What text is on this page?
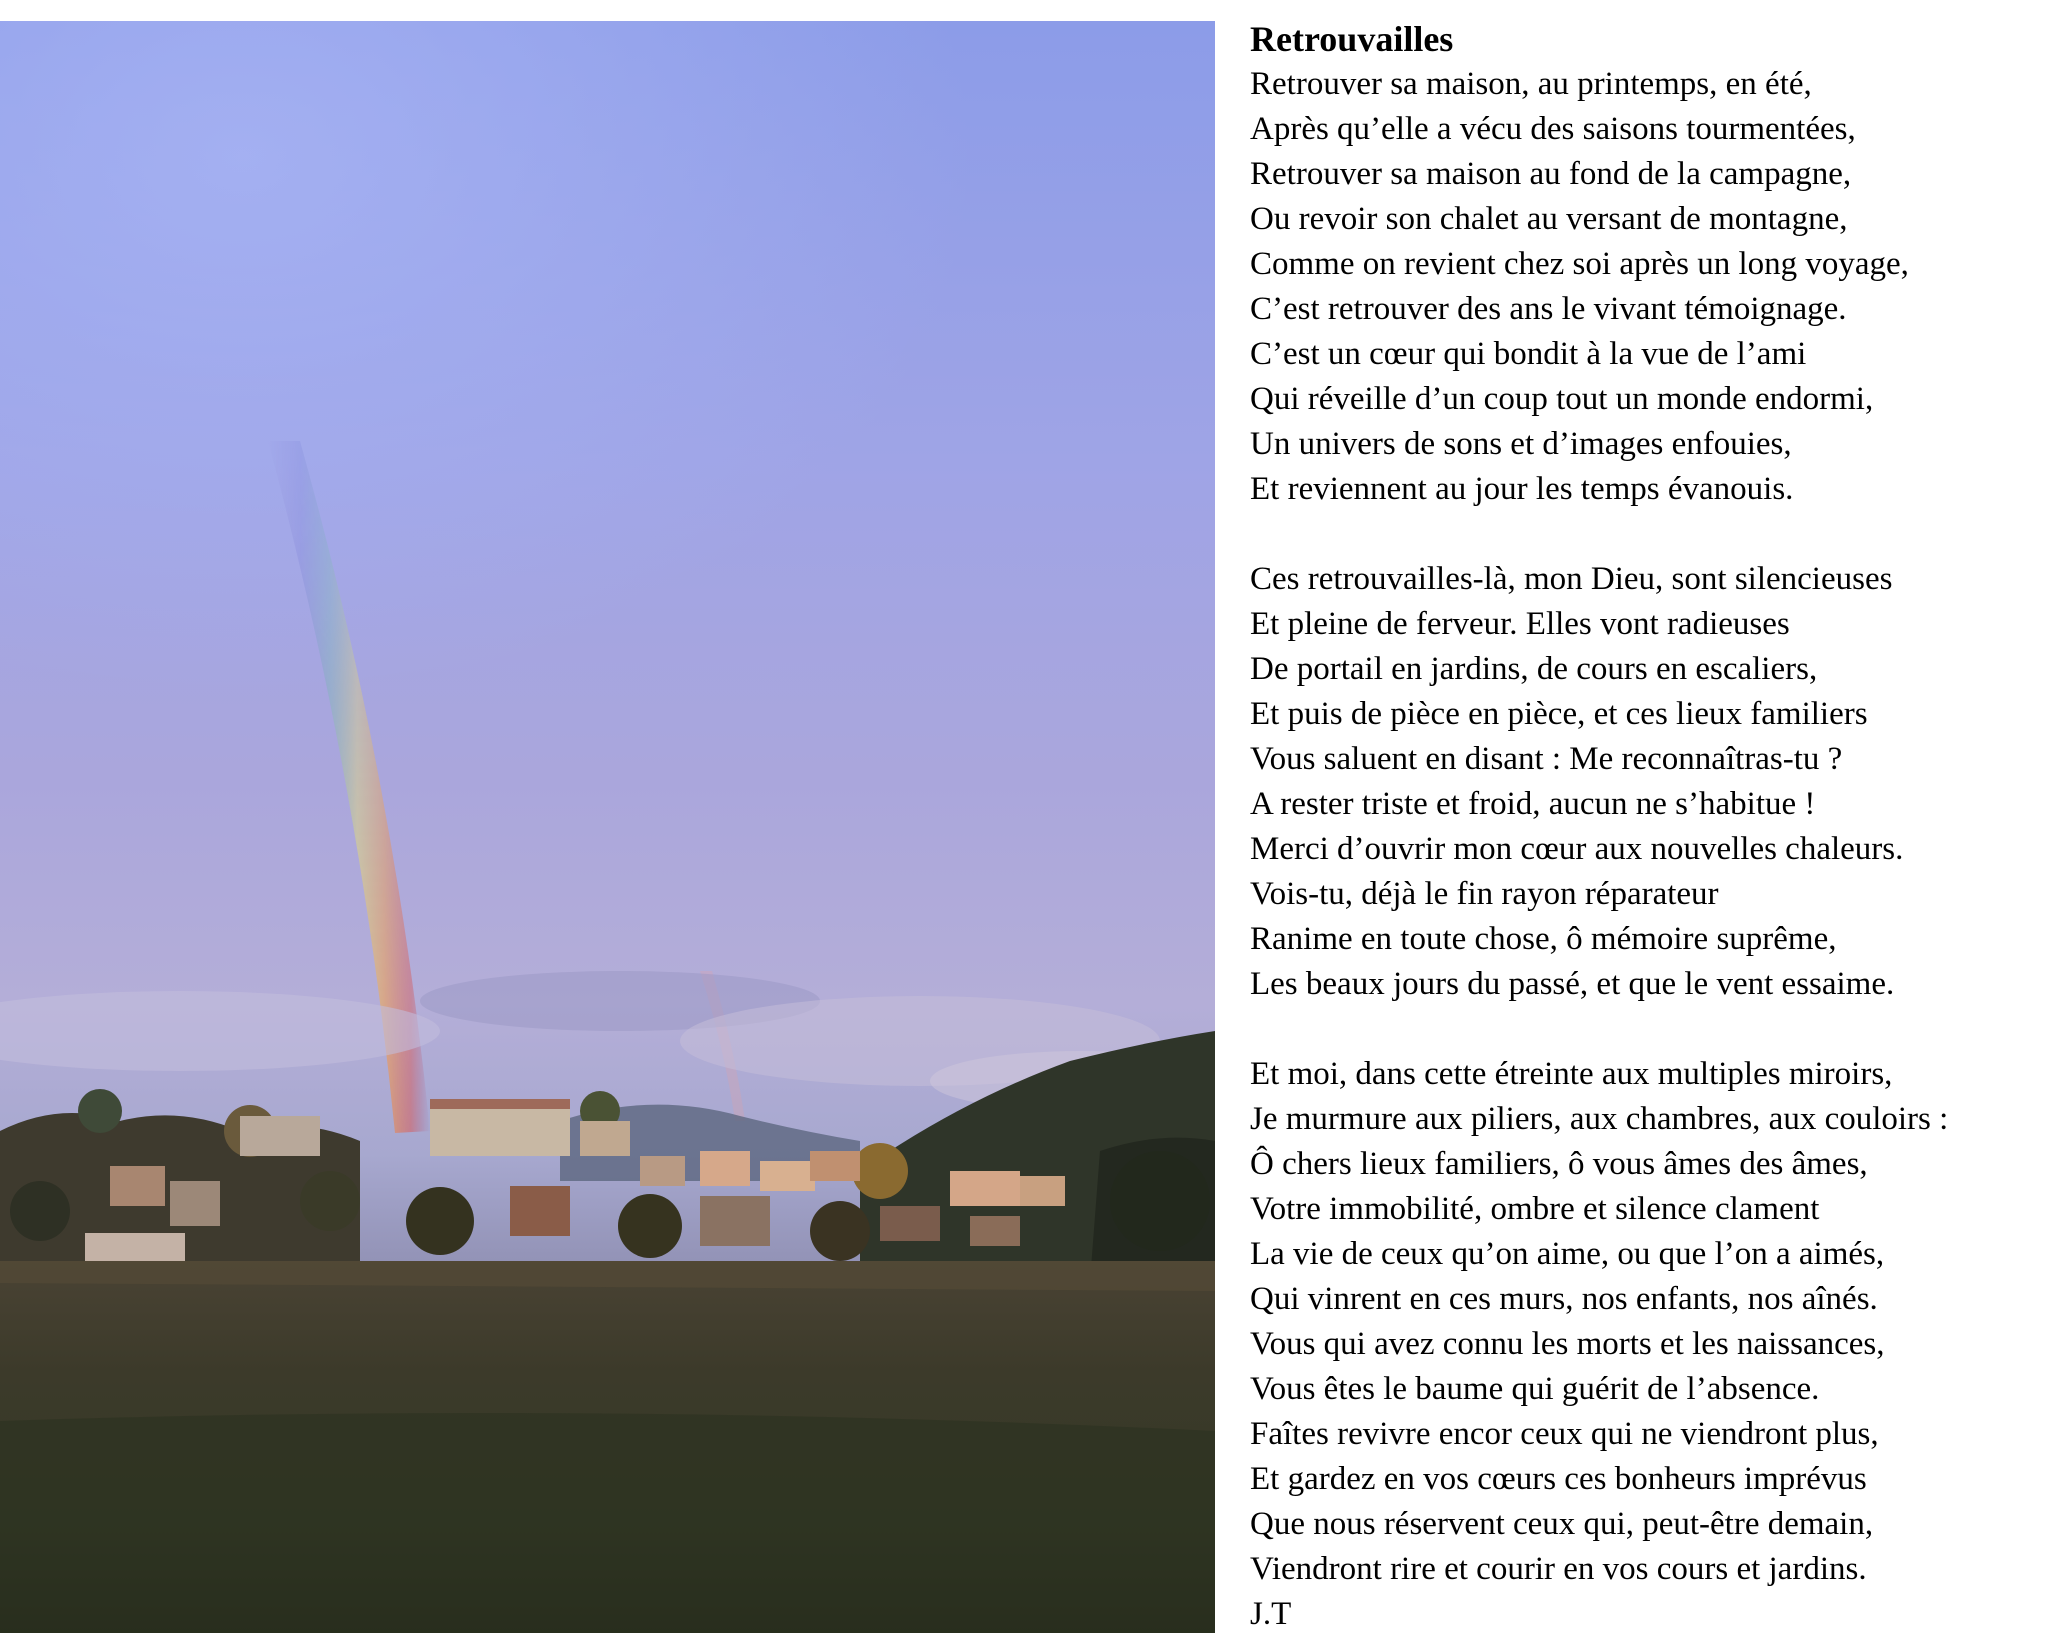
Retrouvailles
Retrouver sa maison, au printemps, en été,
Après qu’elle a vécu des saisons tourmentées,
Retrouver sa maison au fond de la campagne,
Ou revoir son chalet au versant de montagne,
Comme on revient chez soi après un long voyage,
C’est retrouver des ans le vivant témoignage.
C’est un cœur qui bondit à la vue de l’ami
Qui réveille d’un coup tout un monde endormi,
Un univers de sons et d’images enfouies,
Et reviennent au jour les temps évanouis.
Ces retrouvailles-là, mon Dieu, sont silencieuses
Et pleine de ferveur. Elles vont radieuses
De portail en jardins, de cours en escaliers,
Et puis de pièce en pièce, et ces lieux familiers
Vous saluent en disant : Me reconnaîtras-tu ?
A rester triste et froid, aucun ne s’habitue !
Merci d’ouvrir mon cœur aux nouvelles chaleurs.
Vois-tu, déjà le fin rayon réparateur
Ranime en toute chose, ô mémoire suprême,
Les beaux jours du passé, et que le vent essaime.
Et moi, dans cette étreinte aux multiples miroirs,
Je murmure aux piliers, aux chambres, aux couloirs :
Ô chers lieux familiers, ô vous âmes des âmes,
Votre immobilité, ombre et silence clament
La vie de ceux qu’on aime, ou que l’on a aimés,
Qui vinrent en ces murs, nos enfants, nos aînés.
Vous qui avez connu les morts et les naissances,
Vous êtes le baume qui guérit de l’absence.
Faîtes revivre encor ceux qui ne viendront plus,
Et gardez en vos cœurs ces bonheurs imprévus
Que nous réservent ceux qui, peut-être demain,
Viendront rire et courir en vos cours et jardins.
J.T
